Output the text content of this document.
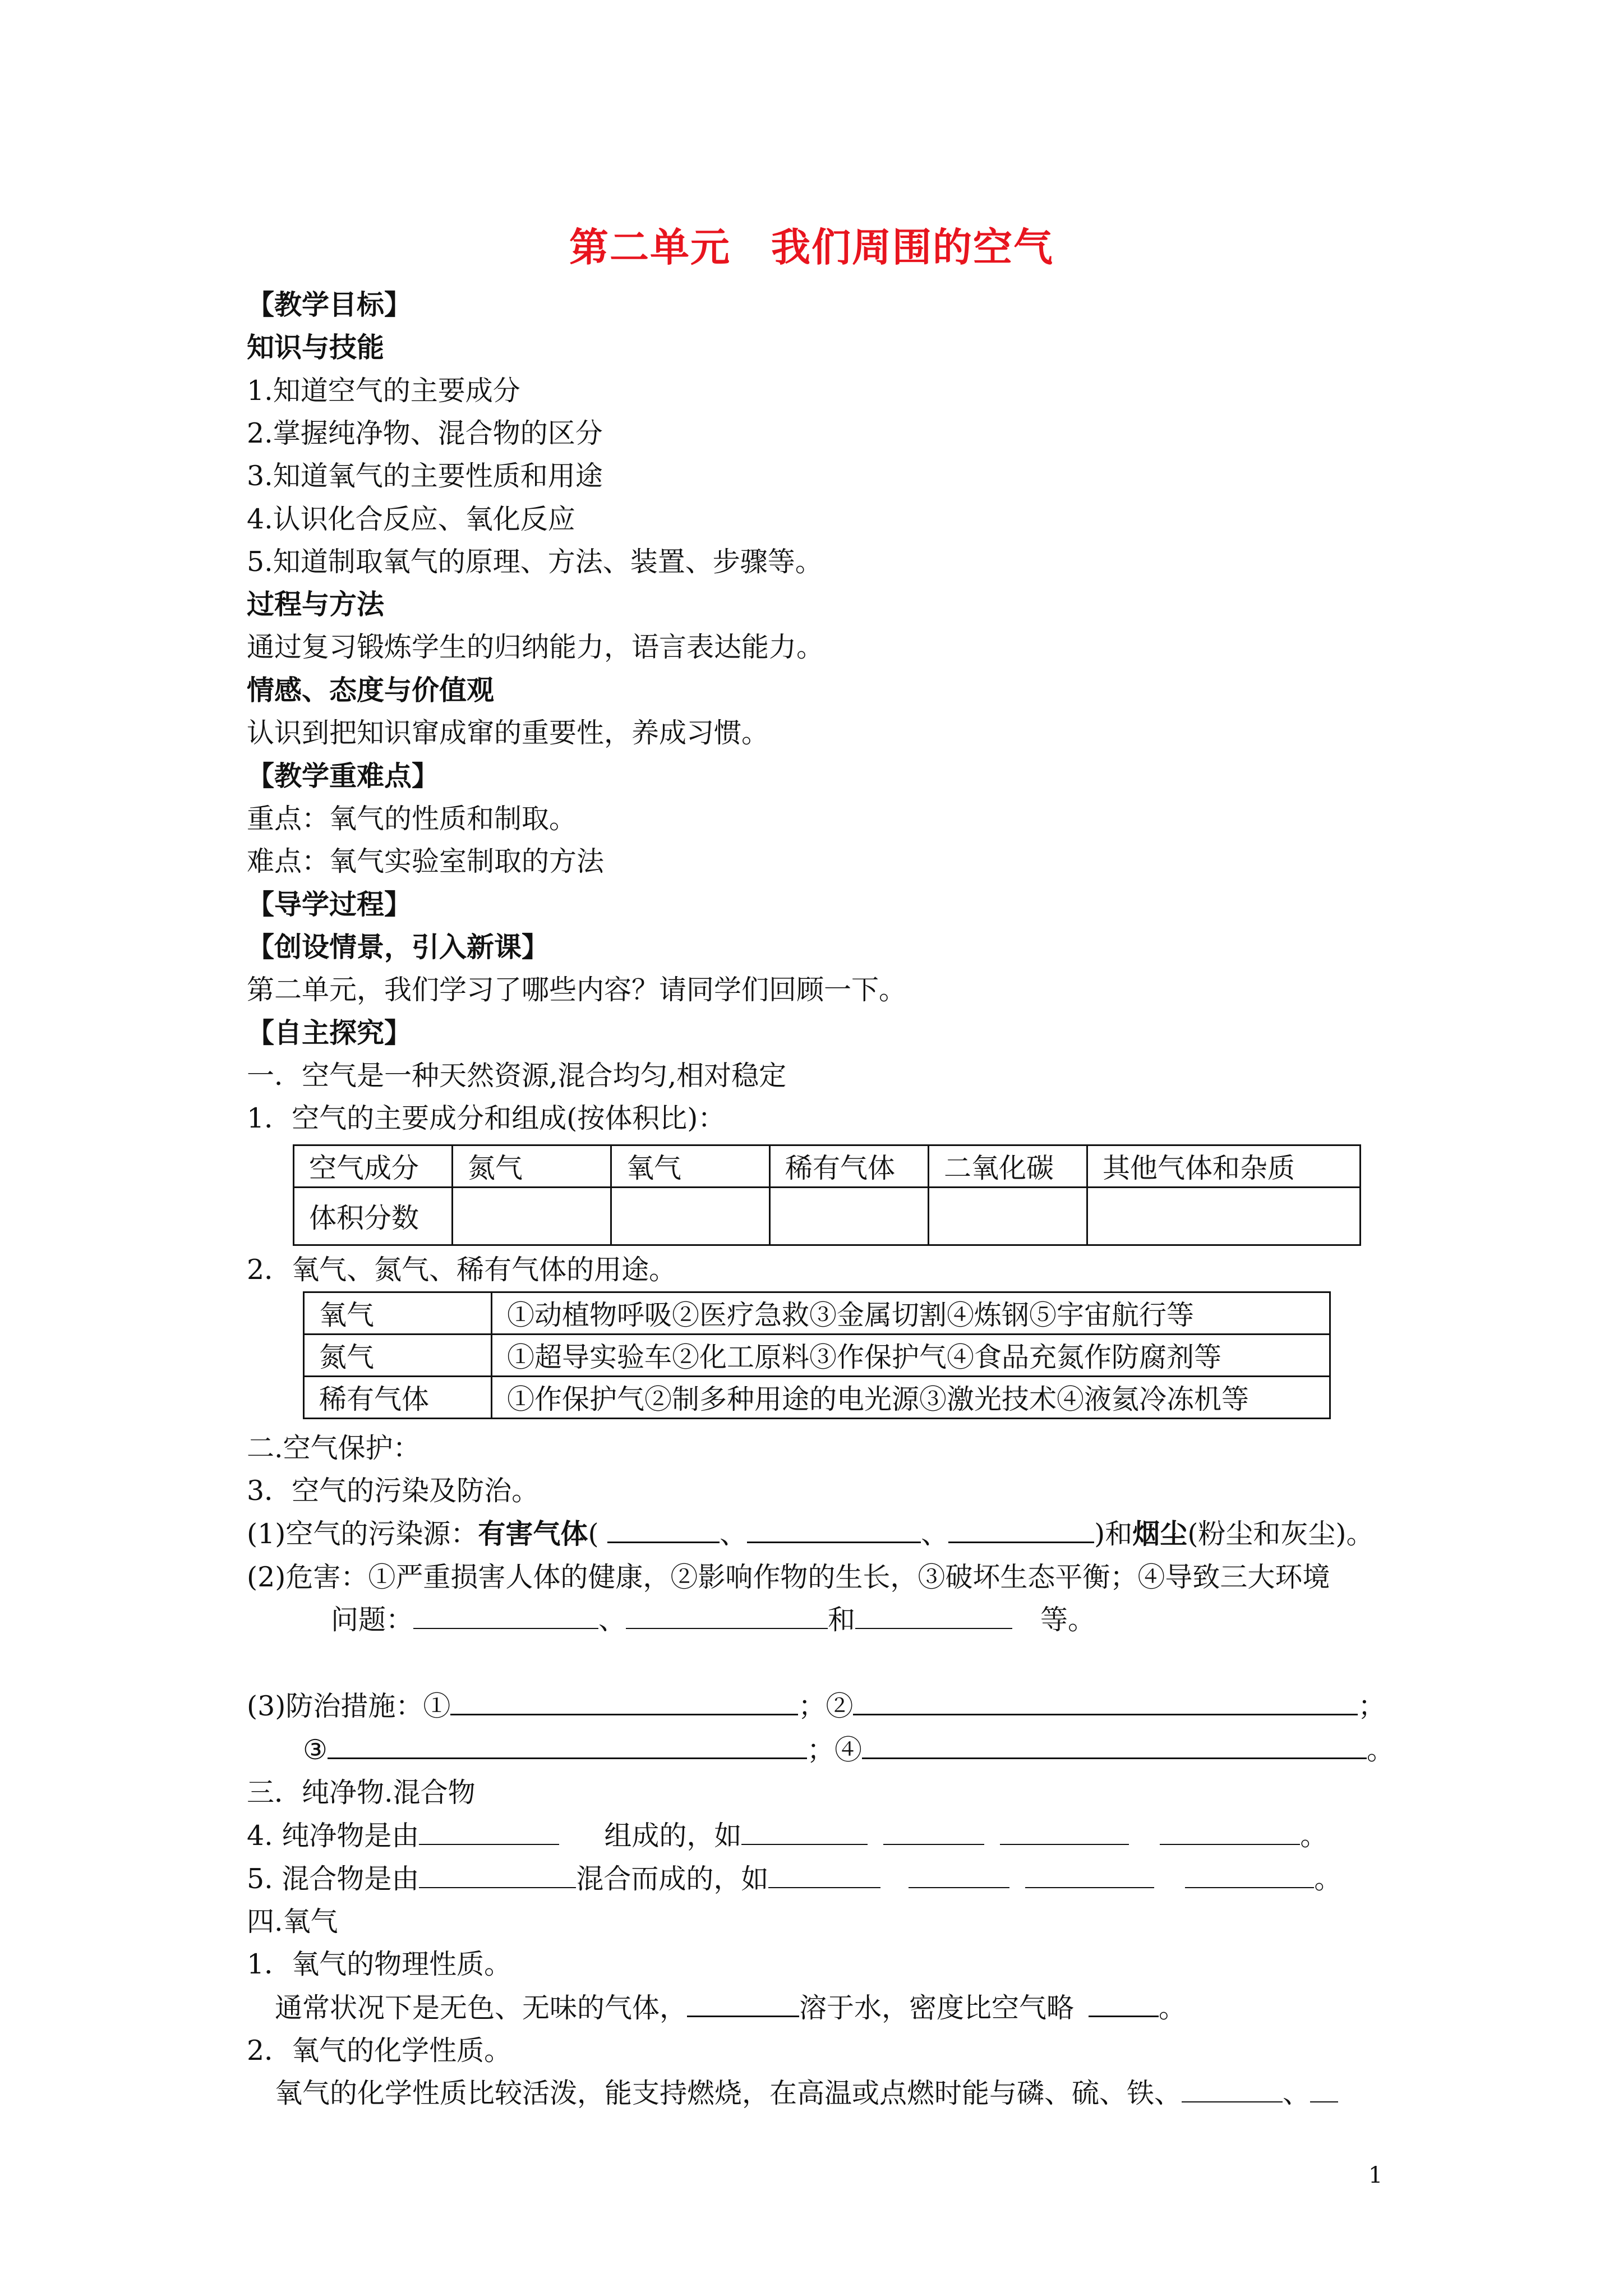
第二单元　我们周围的空气
【教学目标】
知识与技能
1.知道空气的主要成分
2.掌握纯净物、混合物的区分
3.知道氧气的主要性质和用途
4.认识化合反应、氧化反应
5.知道制取氧气的原理、方法、装置、步骤等。
过程与方法
通过复习锻炼学生的归纳能力，语言表达能力。
情感、态度与价值观
认识到把知识窜成窜的重要性，养成习惯。
【教学重难点】
重点：氧气的性质和制取。
难点：氧气实验室制取的方法
【导学过程】
【创设情景，引入新课】
第二单元，我们学习了哪些内容？请同学们回顾一下。
【自主探究】
一．空气是一种天然资源,混合均匀,相对稳定
1．空气的主要成分和组成(按体积比)：
空气成分	氮气	氧气	稀有气体	二氧化碳	其他气体和杂质
体积分数					
2．氧气、氮气、稀有气体的用途。
氧气	①动植物呼吸②医疗急救③金属切割④炼钢⑤宇宙航行等
氮气	①超导实验车②化工原料③作保护气④食品充氮作防腐剂等
稀有气体	①作保护气②制多种用途的电光源③激光技术④液氦冷冻机等
二.空气保护：
3．空气的污染及防治。
(1)空气的污染源：有害气体(	、	、	)和烟尘(粉尘和灰尘)。
(2)危害：①严重损害人体的健康，②影响作物的生长，③破坏生态平衡；④导致三大环境
问题：	、	和	等。
(3)防治措施：①	；②	；
③	；④	。
三．纯净物.混合物
4. 纯净物是由	组成的，如	。
5. 混合物是由	混合而成的，如	。
四.氧气
1．氧气的物理性质。
通常状况下是无色、无味的气体，	溶于水，密度比空气略	。
2．氧气的化学性质。
氧气的化学性质比较活泼，能支持燃烧，在高温或点燃时能与磷、硫、铁、	、
1
